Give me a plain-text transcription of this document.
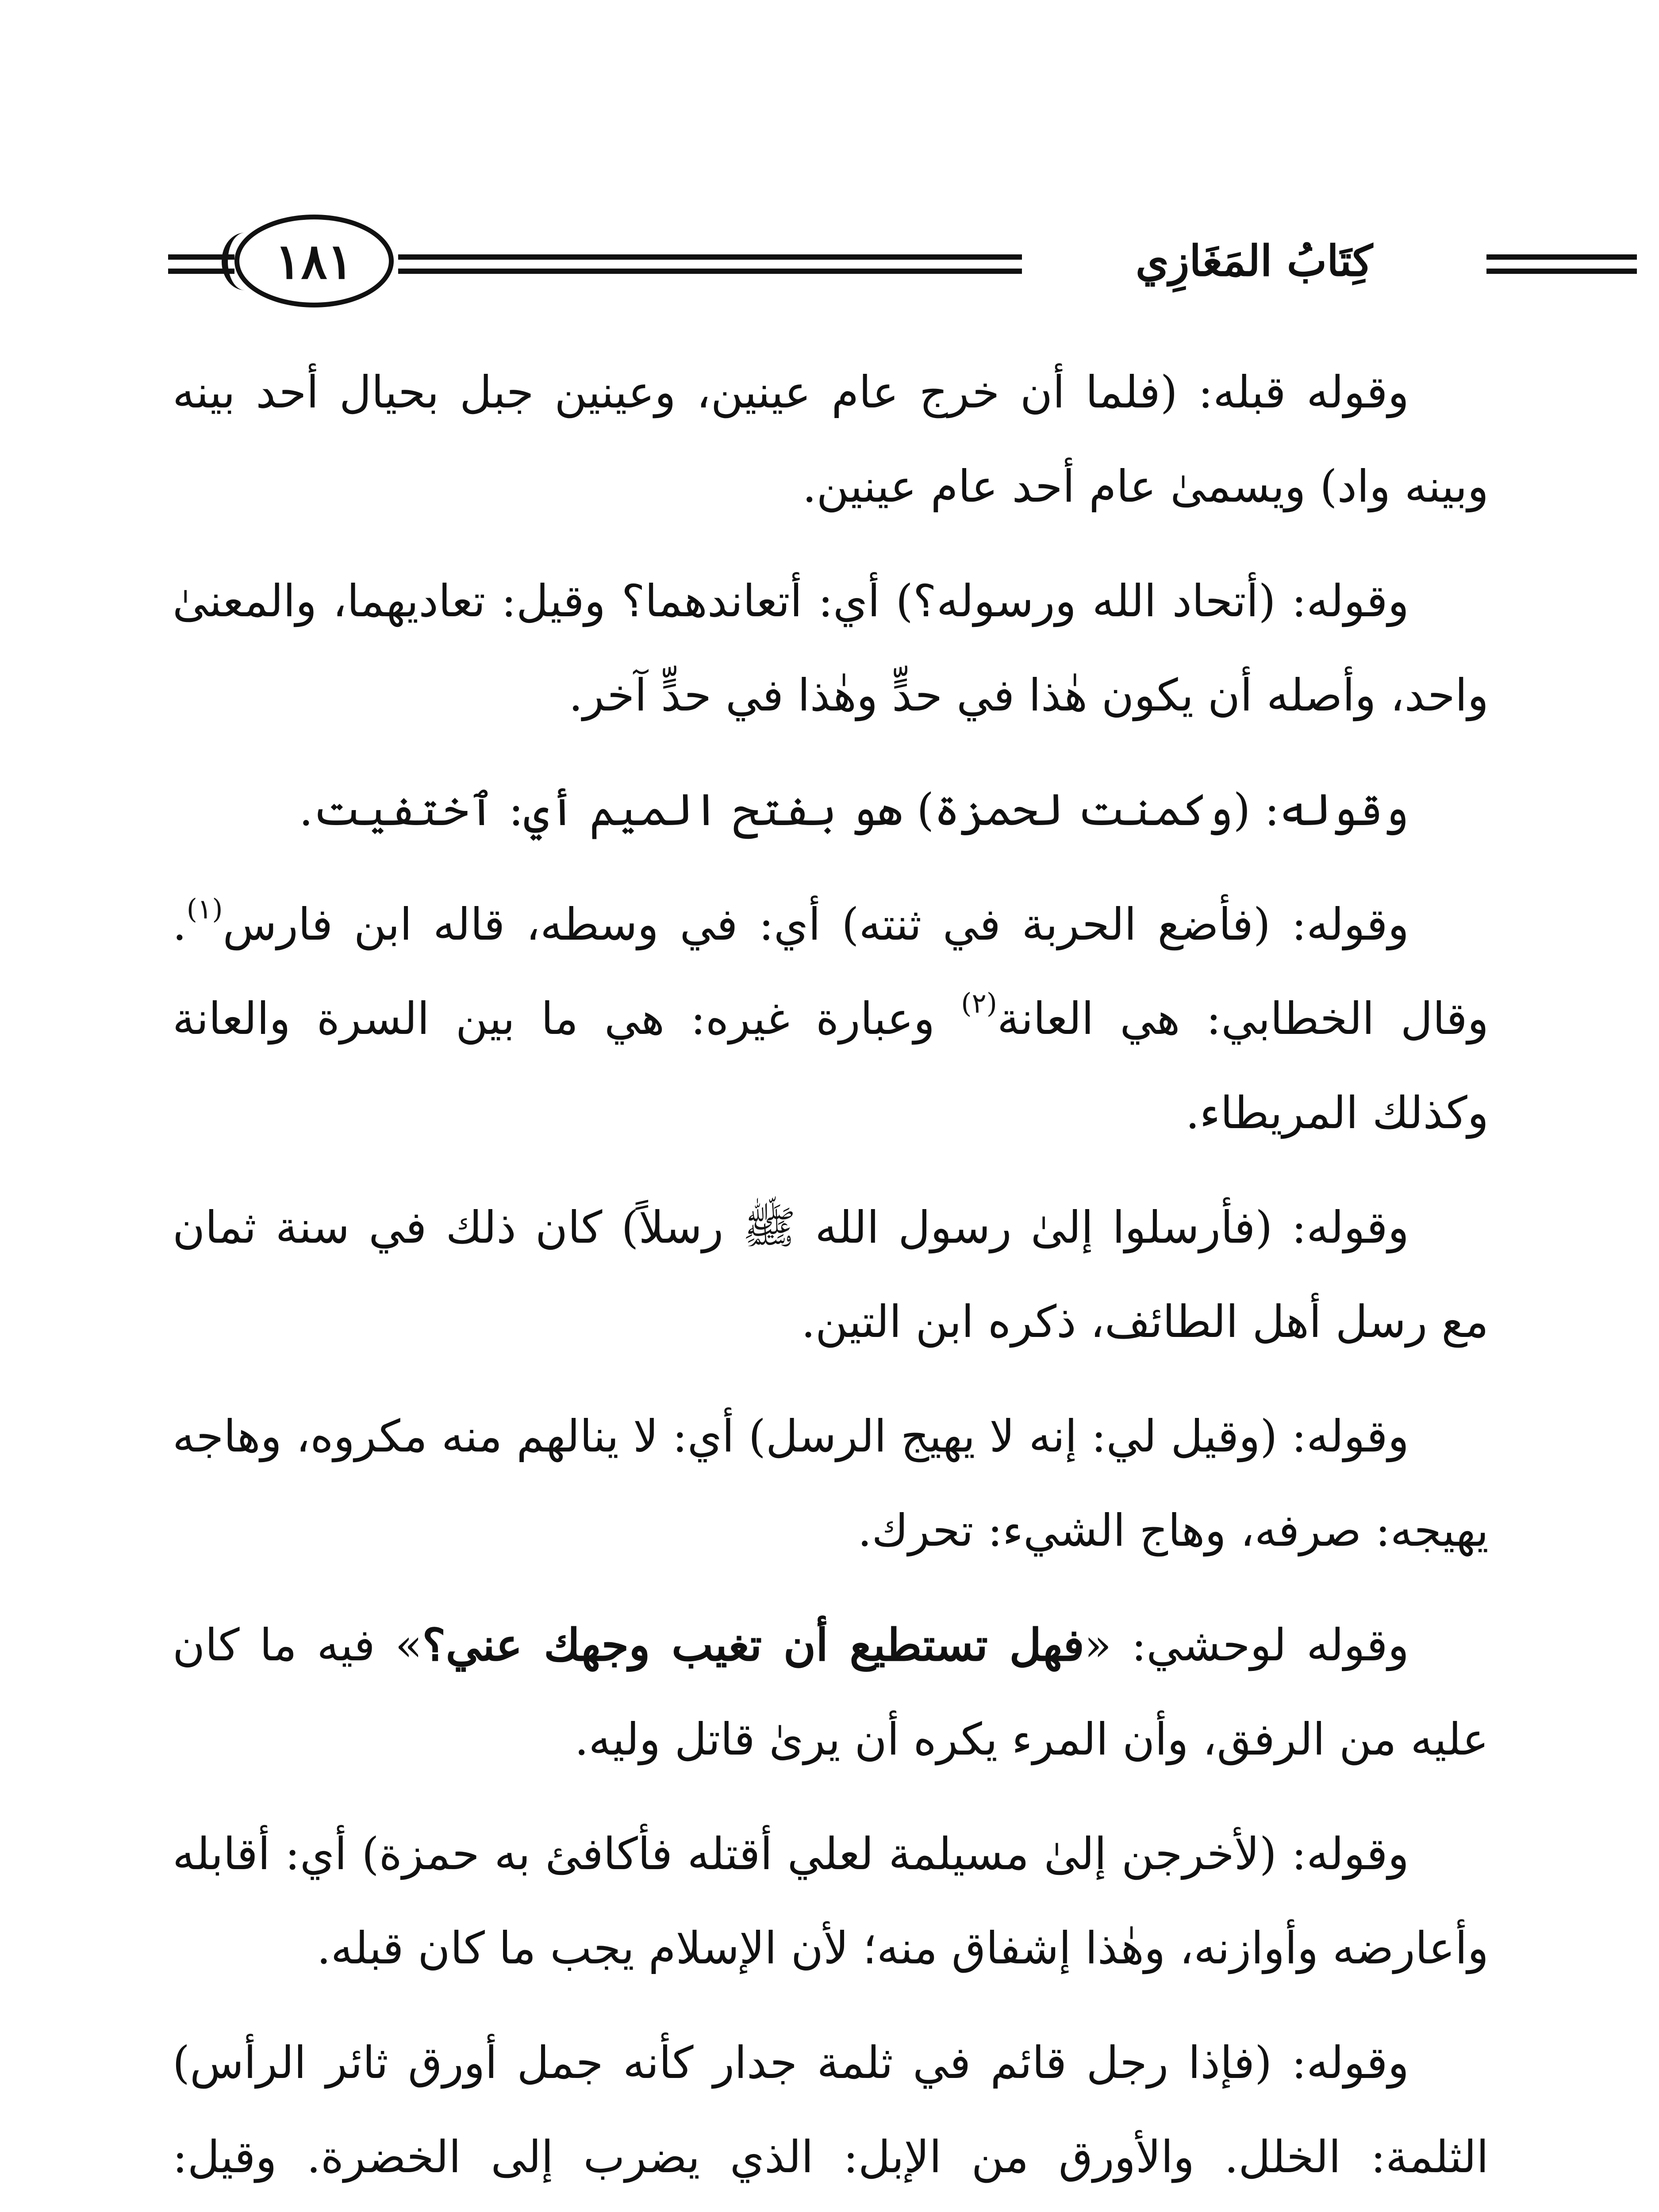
كِتَابُ المَغَازِي
١٨١

وقوله قبله: (فلما أن خرج عام عينين، وعينين جبل بحيال أحد بينه وبينه واد) ويسمىٰ عام أحد عام عينين.

وقوله: (أتحاد الله ورسوله؟) أي: أتعاندهما؟ وقيل: تعاديهما، والمعنىٰ واحد، وأصله أن يكون هٰذا في حدٍّ وهٰذا في حدٍّ آخر.

وقوله: (وكمنت لحمزة) هو بفتح الميم أي: ٱختفيت.

وقوله: (فأضع الحربة في ثنته) أي: في وسطه، قاله ابن فارس$^{(١)}$. وقال الخطابي: هي العانة$^{(٢)}$ وعبارة غيره: هي ما بين السرة والعانة وكذلك المريطاء.

وقوله: (فأرسلوا إلىٰ رسول الله ﷺ رسلاً) كان ذلك في سنة ثمان مع رسل أهل الطائف، ذكره ابن التين.

وقوله: (وقيل لي: إنه لا يهيج الرسل) أي: لا ينالهم منه مكروه، وهاجه يهيجه: صرفه، وهاج الشيء: تحرك.

وقوله لوحشي: «فهل تستطيع أن تغيب وجهك عني؟» فيه ما كان عليه من الرفق، وأن المرء يكره أن يرىٰ قاتل وليه.

وقوله: (لأخرجن إلىٰ مسيلمة لعلي أقتله فأكافئ به حمزة) أي: أقابله وأعارضه وأوازنه، وهٰذا إشفاق منه؛ لأن الإسلام يجب ما كان قبله.

وقوله: (فإذا رجل قائم في ثلمة جدار كأنه جمل أورق ثائر الرأس) الثلمة: الخلل. والأورق من الإبل: الذي يضرب إلى الخضرة. وقيل:
